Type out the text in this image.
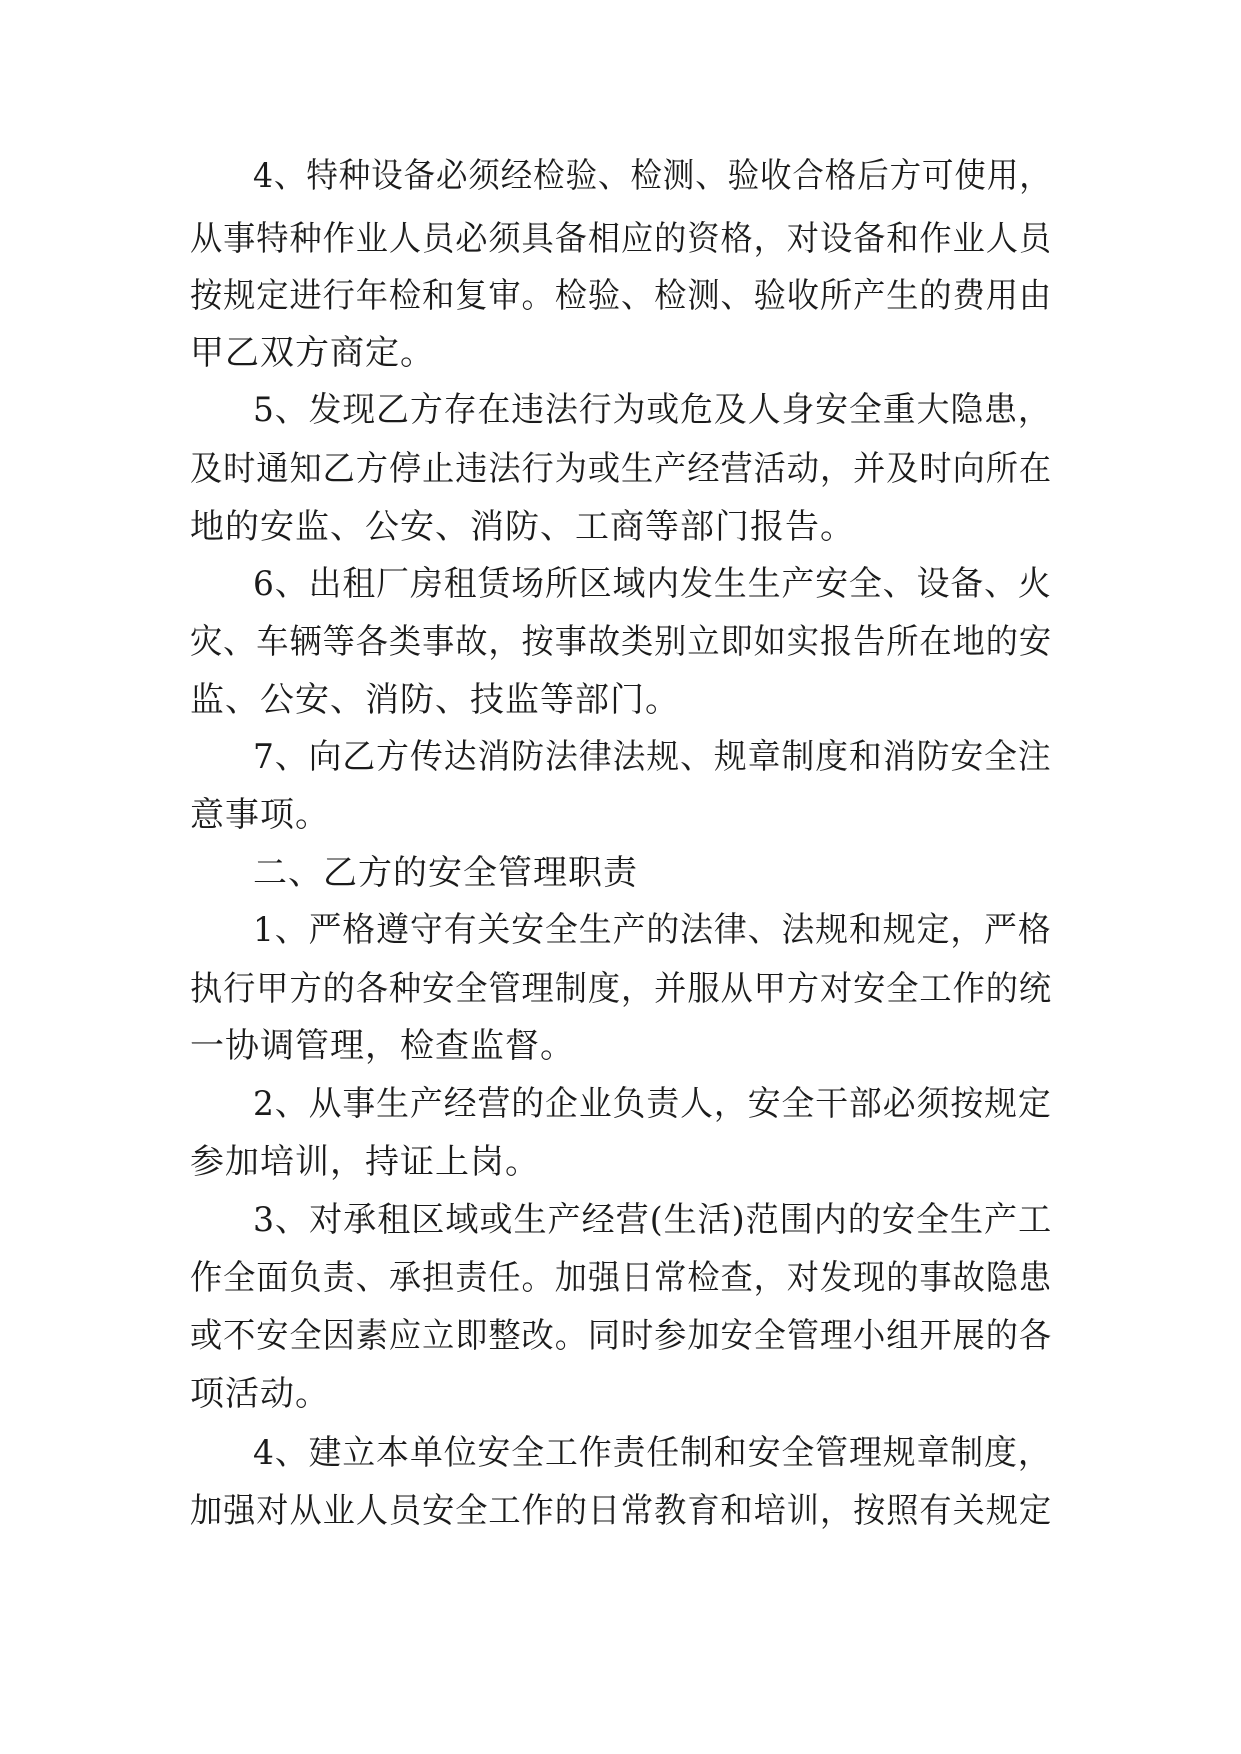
4、特种设备必须经检验、检测、验收合格后方可使用，
从事特种作业人员必须具备相应的资格，对设备和作业人员
按规定进行年检和复审。检验、检测、验收所产生的费用由
甲乙双方商定。
5、发现乙方存在违法行为或危及人身安全重大隐患，
及时通知乙方停止违法行为或生产经营活动，并及时向所在
地的安监、公安、消防、工商等部门报告。
6、出租厂房租赁场所区域内发生生产安全、设备、火
灾、车辆等各类事故，按事故类别立即如实报告所在地的安
监、公安、消防、技监等部门。
7、向乙方传达消防法律法规、规章制度和消防安全注
意事项。
二、乙方的安全管理职责
1、严格遵守有关安全生产的法律、法规和规定，严格
执行甲方的各种安全管理制度，并服从甲方对安全工作的统
一协调管理，检查监督。
2、从事生产经营的企业负责人，安全干部必须按规定
参加培训，持证上岗。
3、对承租区域或生产经营(生活)范围内的安全生产工
作全面负责、承担责任。加强日常检查，对发现的事故隐患
或不安全因素应立即整改。同时参加安全管理小组开展的各
项活动。
4、建立本单位安全工作责任制和安全管理规章制度，
加强对从业人员安全工作的日常教育和培训，按照有关规定
